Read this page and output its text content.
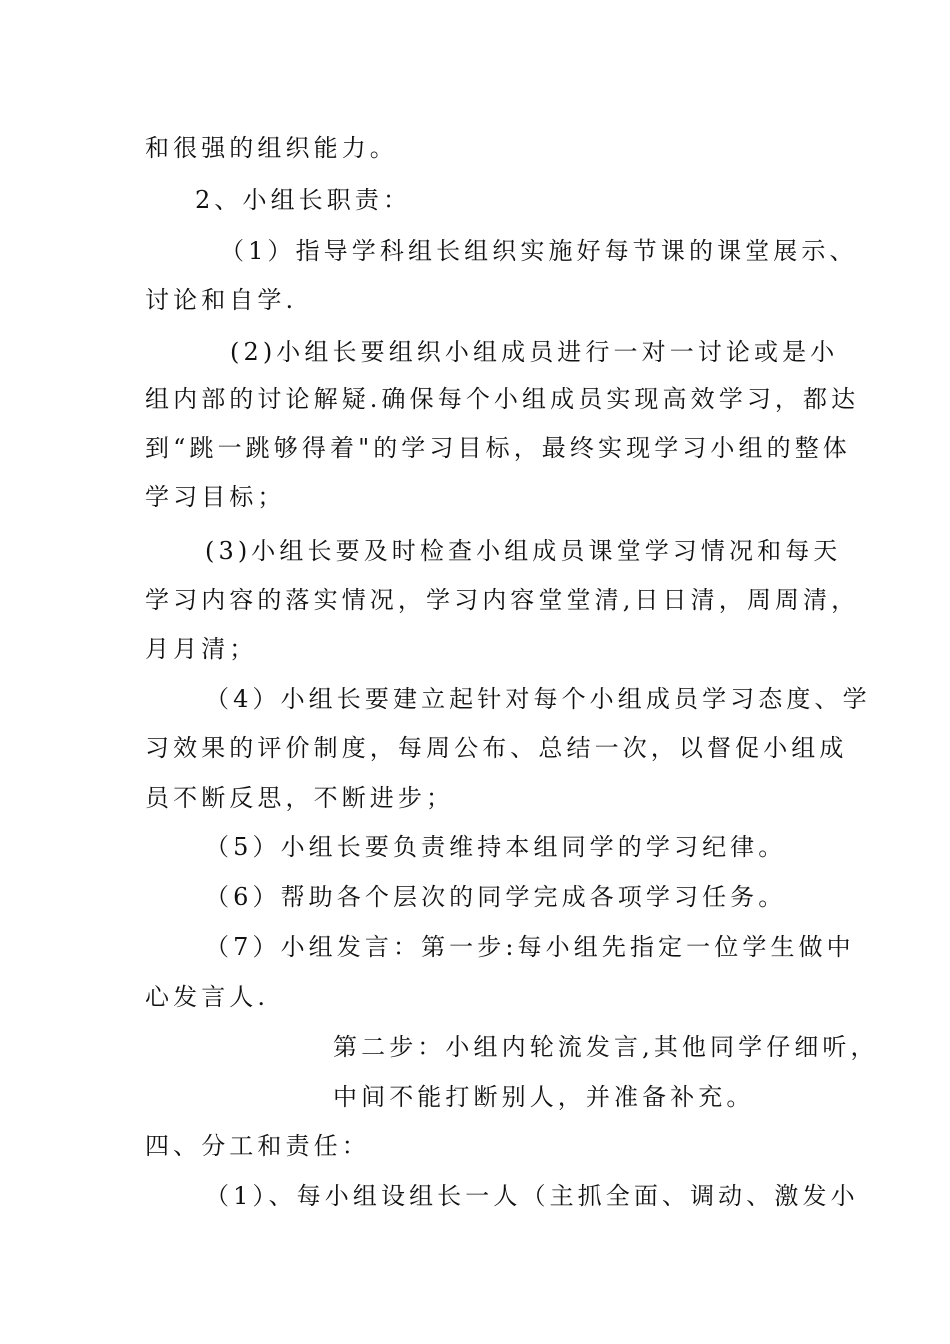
和很强的组织能力。
2、小组长职责：
（1）指导学科组长组织实施好每节课的课堂展示、
讨论和自学.
(2)小组长要组织小组成员进行一对一讨论或是小
组内部的讨论解疑.确保每个小组成员实现高效学习，都达
到“跳一跳够得着"的学习目标，最终实现学习小组的整体
学习目标；
(3)小组长要及时检查小组成员课堂学习情况和每天
学习内容的落实情况，学习内容堂堂清,日日清，周周清，
月月清；
（4）小组长要建立起针对每个小组成员学习态度、学
习效果的评价制度，每周公布、总结一次，以督促小组成
员不断反思，不断进步；
（5）小组长要负责维持本组同学的学习纪律。
（6）帮助各个层次的同学完成各项学习任务。
（7）小组发言：第一步:每小组先指定一位学生做中
心发言人.
第二步：小组内轮流发言,其他同学仔细听，
中间不能打断别人，并准备补充。
四、分工和责任：
（1）、每小组设组长一人（主抓全面、调动、激发小
